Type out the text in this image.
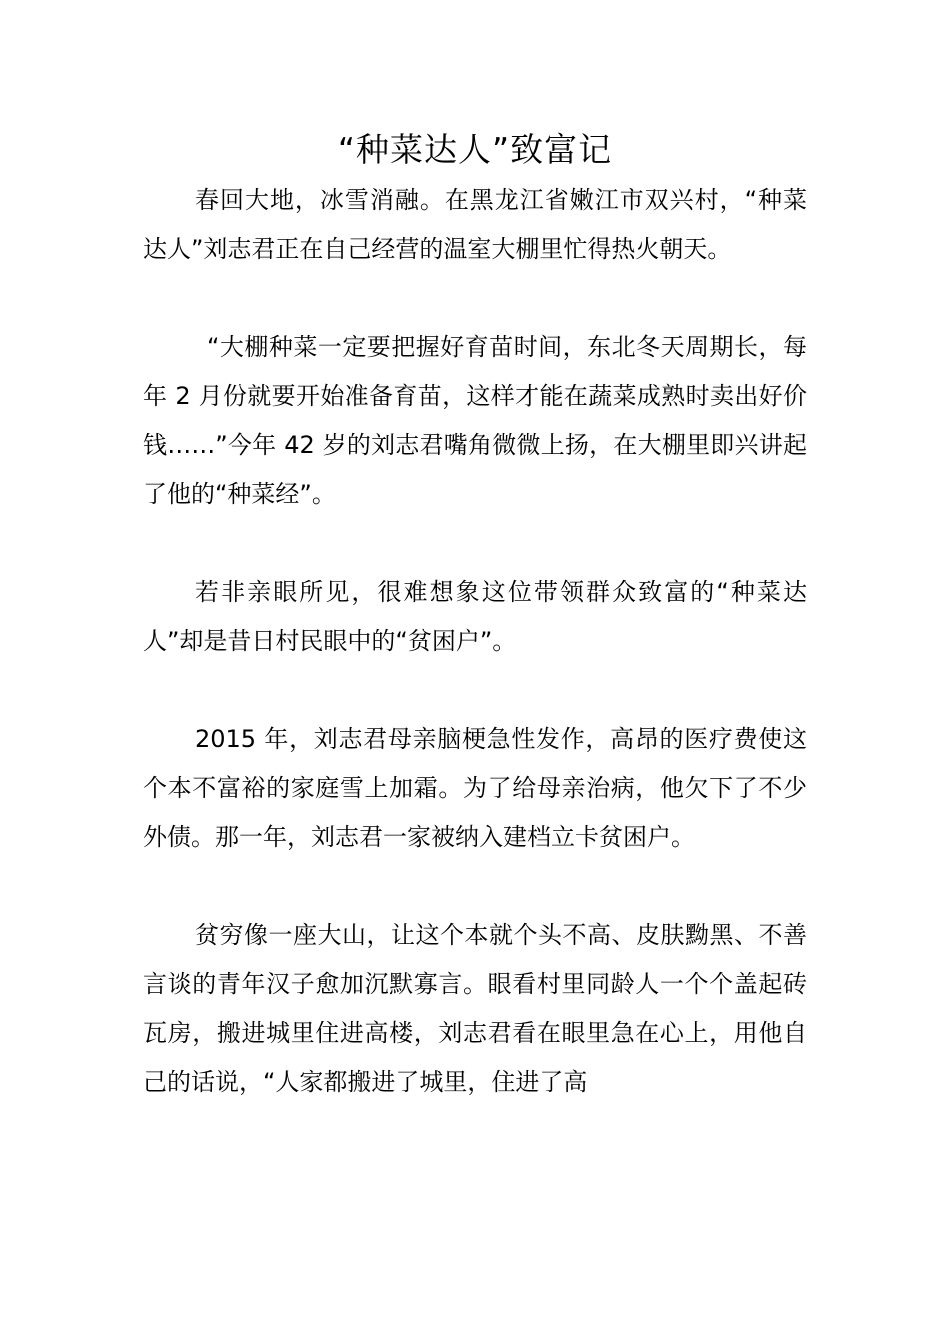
“种菜达人”致富记

春回大地，冰雪消融。在黑龙江省嫩江市双兴村，“种菜达人”刘志君正在自己经营的温室大棚里忙得热火朝天。

“大棚种菜一定要把握好育苗时间，东北冬天周期长，每年 2 月份就要开始准备育苗，这样才能在蔬菜成熟时卖出好价钱……”今年 42 岁的刘志君嘴角微微上扬，在大棚里即兴讲起了他的“种菜经”。

若非亲眼所见，很难想象这位带领群众致富的“种菜达人”却是昔日村民眼中的“贫困户”。

2015 年，刘志君母亲脑梗急性发作，高昂的医疗费使这个本不富裕的家庭雪上加霜。为了给母亲治病，他欠下了不少外债。那一年，刘志君一家被纳入建档立卡贫困户。

贫穷像一座大山，让这个本就个头不高、皮肤黝黑、不善言谈的青年汉子愈加沉默寡言。眼看村里同龄人一个个盖起砖瓦房，搬进城里住进高楼，刘志君看在眼里急在心上，用他自己的话说，“人家都搬进了城里，住进了高
